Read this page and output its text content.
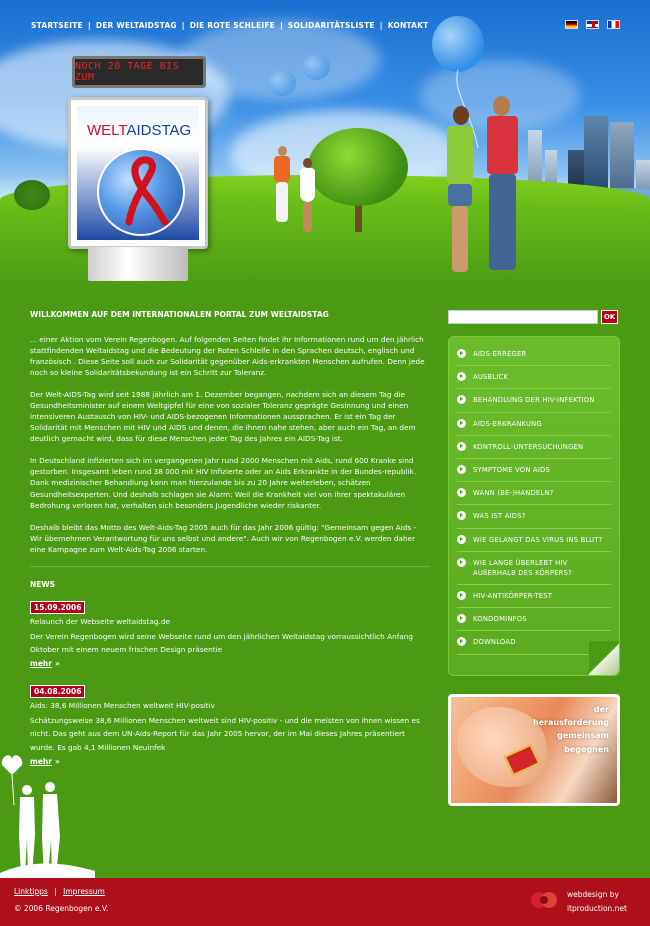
NOCH 20 TAGE BIS ZUM
WELTAIDSTAG
STARTSEITE | DER WELTAIDSTAG | DIE ROTE SCHLEIFE | SOLIDARITÄTSLISTE | KONTAKT
WILLKOMMEN AUF DEM INTERNATIONALEN PORTAL ZUM WELTAIDSTAG

... einer Aktion vom Verein Regenbogen. Auf folgenden Seiten findet ihr Informationen rund um den jährlich stattfindenden Weltaidstag und die Bedeutung der Roten Schleife in den Sprachen deutsch, englisch und französisch . Diese Seite soll auch zur Solidarität gegenüber Aids-erkrankten Menschen aufrufen. Denn jede noch so kleine Solidaritätsbekundung ist ein Schritt zur Toleranz.

Der Welt-AIDS-Tag wird seit 1988 jährlich am 1. Dezember begangen, nachdem sich an diesem Tag die Gesundheitsminister auf einem Weltgipfel für eine von sozialer Toleranz geprägte Gesinnung und einen intensiveren Austausch von HIV- und AIDS-bezogenen Informationen aussprachen. Er ist ein Tag der Solidarität mit Menschen mit HIV und AIDS und denen, die ihnen nahe stehen, aber auch ein Tag, an dem deutlich gemacht wird, dass für diese Menschen jeder Tag des Jahres ein AIDS-Tag ist.

In Deutschland infizierten sich im vergangenen Jahr rund 2000 Menschen mit Aids, rund 600 Kranke sind gestorben. Insgesamt leben rund 38 000 mit HIV Infizierte oder an Aids Erkrankte in der Bundes-republik. Dank medizinischer Behandlung kann man hierzulande bis zu 20 Jahre weiterleben, schätzen Gesundheitsexperten. Und deshalb schlagen sie Alarm: Weil die Krankheit viel von ihrer spektakulären Bedrohung verloren hat, verhalten sich besonders Jugendliche wieder riskanter.

Deshalb bleibt das Motto des Welt-Aids-Tag 2005 auch für das Jahr 2006 gültig: "Gemeinsam gegen Aids - Wir übernehmen Verantwortung für uns selbst und andere". Auch wir von Regenbogen e.V. werden daher eine Kampagne zum Welt-Aids-Tag 2006 starten.

NEWS
15.09.2006
Relaunch der Webseite weltaidstag.de
Der Verein Regenbogen wird seine Webseite rund um den jährlichen Weltaidstag vorraussichtlich Anfang Oktober mit einem neuem frischen Design präsentie
mehr »
04.08.2006
Aids: 38,6 Millionen Menschen weltweit HIV-positiv
Schätzungsweise 38,6 Millionen Menschen weltweit sind HIV-positiv - und die meisten von ihnen wissen es nicht. Das geht aus dem UN-Aids-Report für das Jahr 2005 hervor, der im Mai dieses Jahres präsentiert wurde. Es gab 4,1 Millionen Neuinfek
mehr »
OK
AIDS-ERREGER
AUSBLICK
BEHANDLUNG DER HIV-INFEKTION
AIDS-ERKRANKUNG
KONTROLL-UNTERSUCHUNGEN
SYMPTOME VON AIDS
WANN (BE-)HANDELN?
WAS IST AIDS?
WIE GELANGT DAS VIRUS INS BLUT?
WIE LANGE ÜBERLEBT HIV AUßERHALB DES KÖRPERS?
HIV-ANTIKÖRPER-TEST
KONDOMINFOS
DOWNLOAD
der
herausforderung
gemeinsam
begegnen
Linktipps | Impressum
© 2006 Regenbogen e.V.
webdesign by
itproduction.net
